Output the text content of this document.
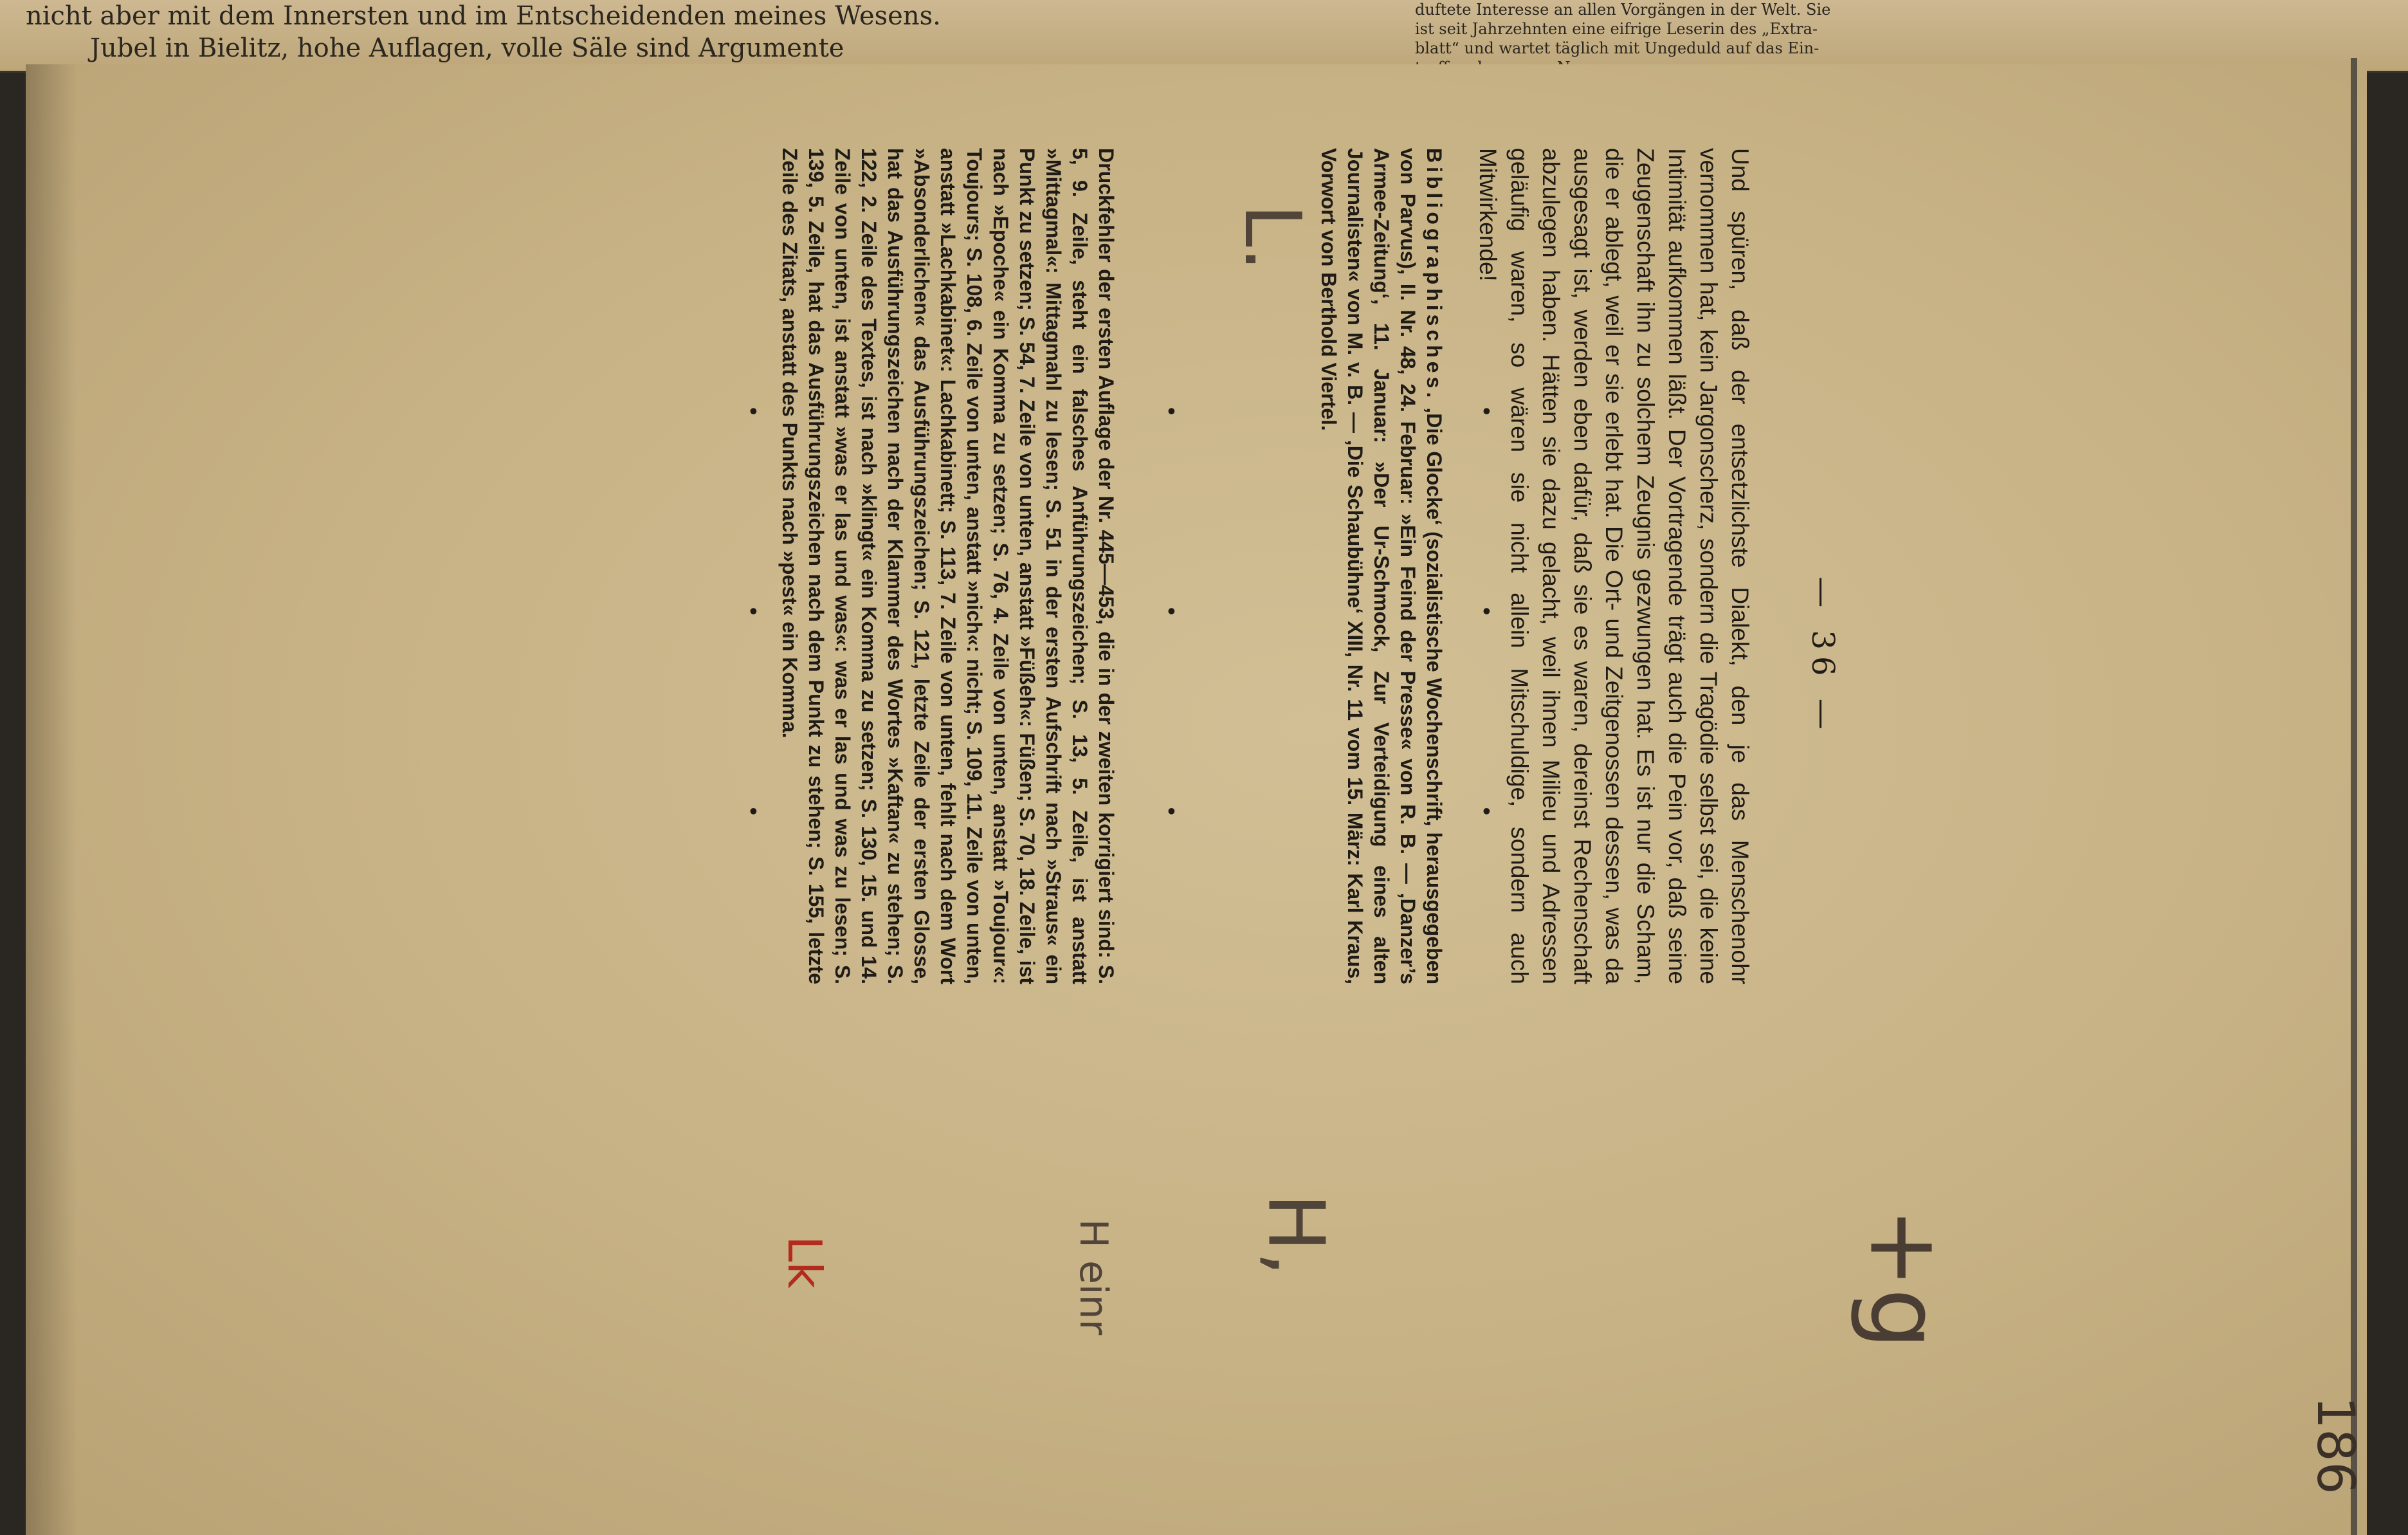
nicht aber mit dem Innersten und im Entscheidenden meines Wesens.
Jubel in Bielitz, hohe Auflagen, volle Säle sind Argumente
duftete Interesse an allen Vorgängen in der Welt. Sie
ist seit Jahrzehnten eine eifrige Leserin des „Extra-
blatt“ und wartet täglich mit Ungeduld auf das Ein-
— 36 —
Und spüren, daß der entsetzlichste Dialekt, den je das Menschenohr vernommen hat, kein Jargonscherz, sondern die Tragödie selbst sei, die keine Intimität aufkommen läßt. Der Vortragende trägt auch die Pein vor, daß seine Zeugenschaft ihn zu solchem Zeugnis gezwungen hat. Es ist nur die Scham, die er ablegt, weil er sie erlebt hat. Die Ort- und Zeitgenossen dessen, was da ausgesagt ist, werden eben dafür, daß sie es waren, dereinst Rechenschaft abzulegen haben. Hätten sie dazu gelacht, weil ihnen Milieu und Adressen geläufig waren, so wären sie nicht allein Mitschuldige, sondern auch Mitwirkende!
• • •
Bibliographisches. ‚Die Glocke‘ (sozialistische Wochenschrift, herausgegeben von Parvus), II. Nr. 48, 24. Februar: »Ein Feind der Presse« von R. B. — ‚Danzer’s Armee-Zeitung‘, 11. Januar: »Der Ur-Schmock, Zur Verteidigung eines alten Journalisten« von M. v. B. — ‚Die Schaubühne‘ XIII, Nr. 11 vom 15. März: Karl Kraus, Vorwort von Berthold Viertel.
• • •
Druckfehler der ersten Auflage der Nr. 445—453, die in der zweiten korrigiert sind: S. 5, 9. Zeile, steht ein falsches Anführungszeichen; S. 13, 5. Zeile, ist anstatt »Mittagmal«: Mittagmahl zu lesen; S. 51 in der ersten Aufschrift nach »Straus« ein Punkt zu setzen; S. 54, 7. Zeile von unten, anstatt »Füßeh«: Füßen; S. 70, 18. Zeile, ist nach »Epoche« ein Komma zu setzen; S. 76, 4. Zeile von unten, anstatt »Toujour«: Toujours; S. 108, 6. Zeile von unten, anstatt »nich«: nicht; S. 109, 11. Zeile von unten, anstatt »Lachkabinet«: Lachkabinett; S. 113, 7. Zeile von unten, fehlt nach dem Wort »Absonderlichen« das Ausführungszeichen; S. 121, letzte Zeile der ersten Glosse, hat das Ausführungszeichen nach der Klammer des Wortes »Kaftan« zu stehen; S. 122, 2. Zeile des Textes, ist nach »klingt« ein Komma zu setzen; S. 130, 15. und 14. Zeile von unten, ist anstatt »was er las und was«: was er las und was zu lesen; S. 139, 5. Zeile, hat das Ausführungszeichen nach dem Punkt zu stehen; S. 155, letzte Zeile des Zitats, anstatt des Punkts nach »pest« ein Komma.
• • •
L.
H,
Lk	H einr	+g
186
